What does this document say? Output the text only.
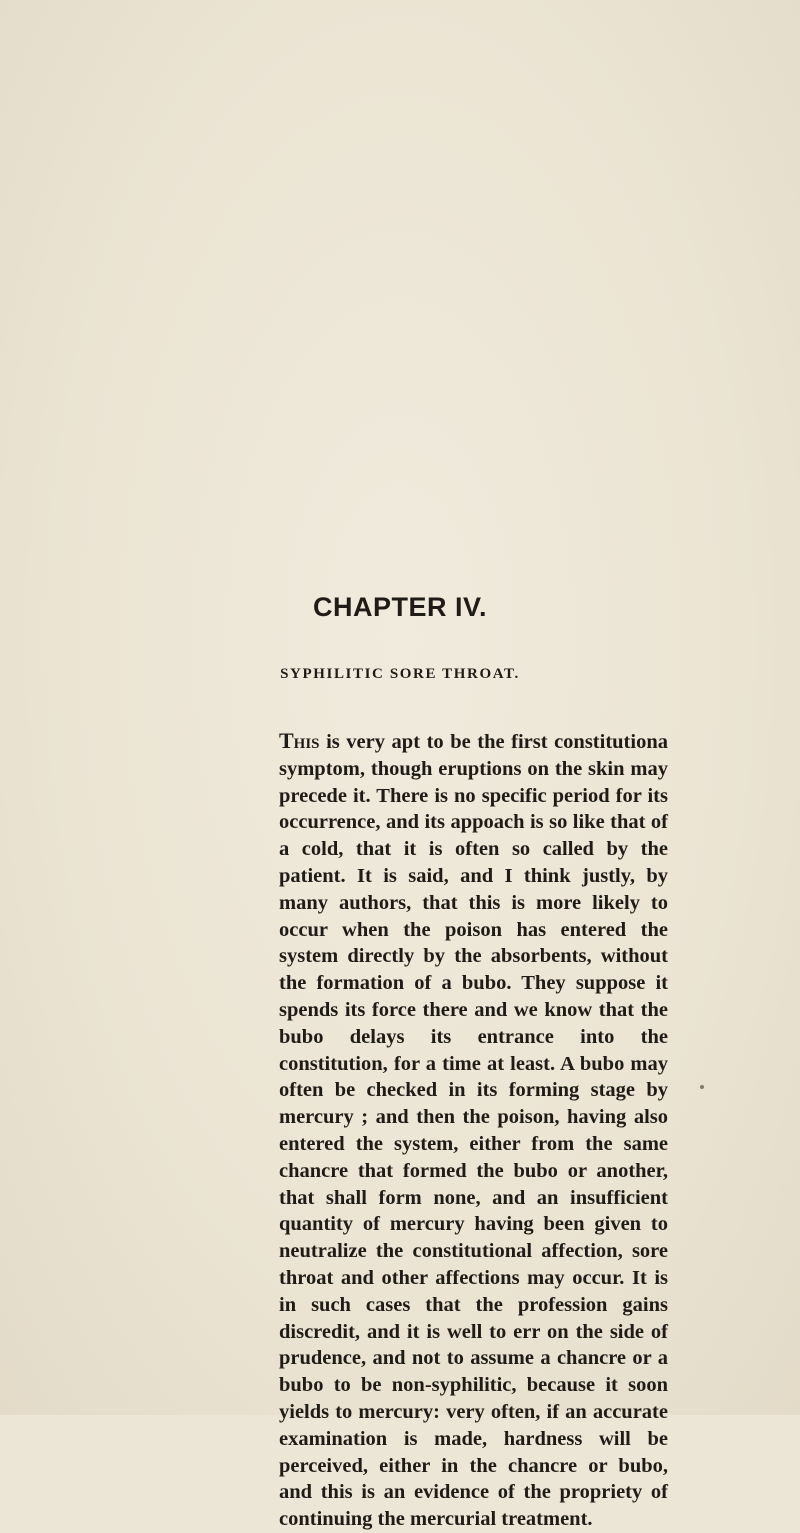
CHAPTER IV.
SYPHILITIC SORE THROAT.

This is very apt to be the first constitutiona symptom, though eruptions on the skin may precede it. There is no specific period for its occurrence, and its appoach is so like that of a cold, that it is often so called by the patient. It is said, and I think justly, by many authors, that this is more likely to occur when the poison has entered the system directly by the absorbents, without the formation of a bubo. They suppose it spends its force there and we know that the bubo delays its entrance into the constitution, for a time at least. A bubo may often be checked in its forming stage by mercury ; and then the poison, having also entered the system, either from the same chancre that formed the bubo or another, that shall form none, and an insufficient quantity of mercury having been given to neutralize the constitutional affection, sore throat and other affections may occur. It is in such cases that the profession gains discredit, and it is well to err on the side of prudence, and not to assume a chancre or a bubo to be non-syphilitic, because it soon yields to mercury: very often, if an accurate examination is made, hardness will be perceived, either in the chancre or bubo, and this is an evidence of the propriety of continuing the mercurial treatment.
